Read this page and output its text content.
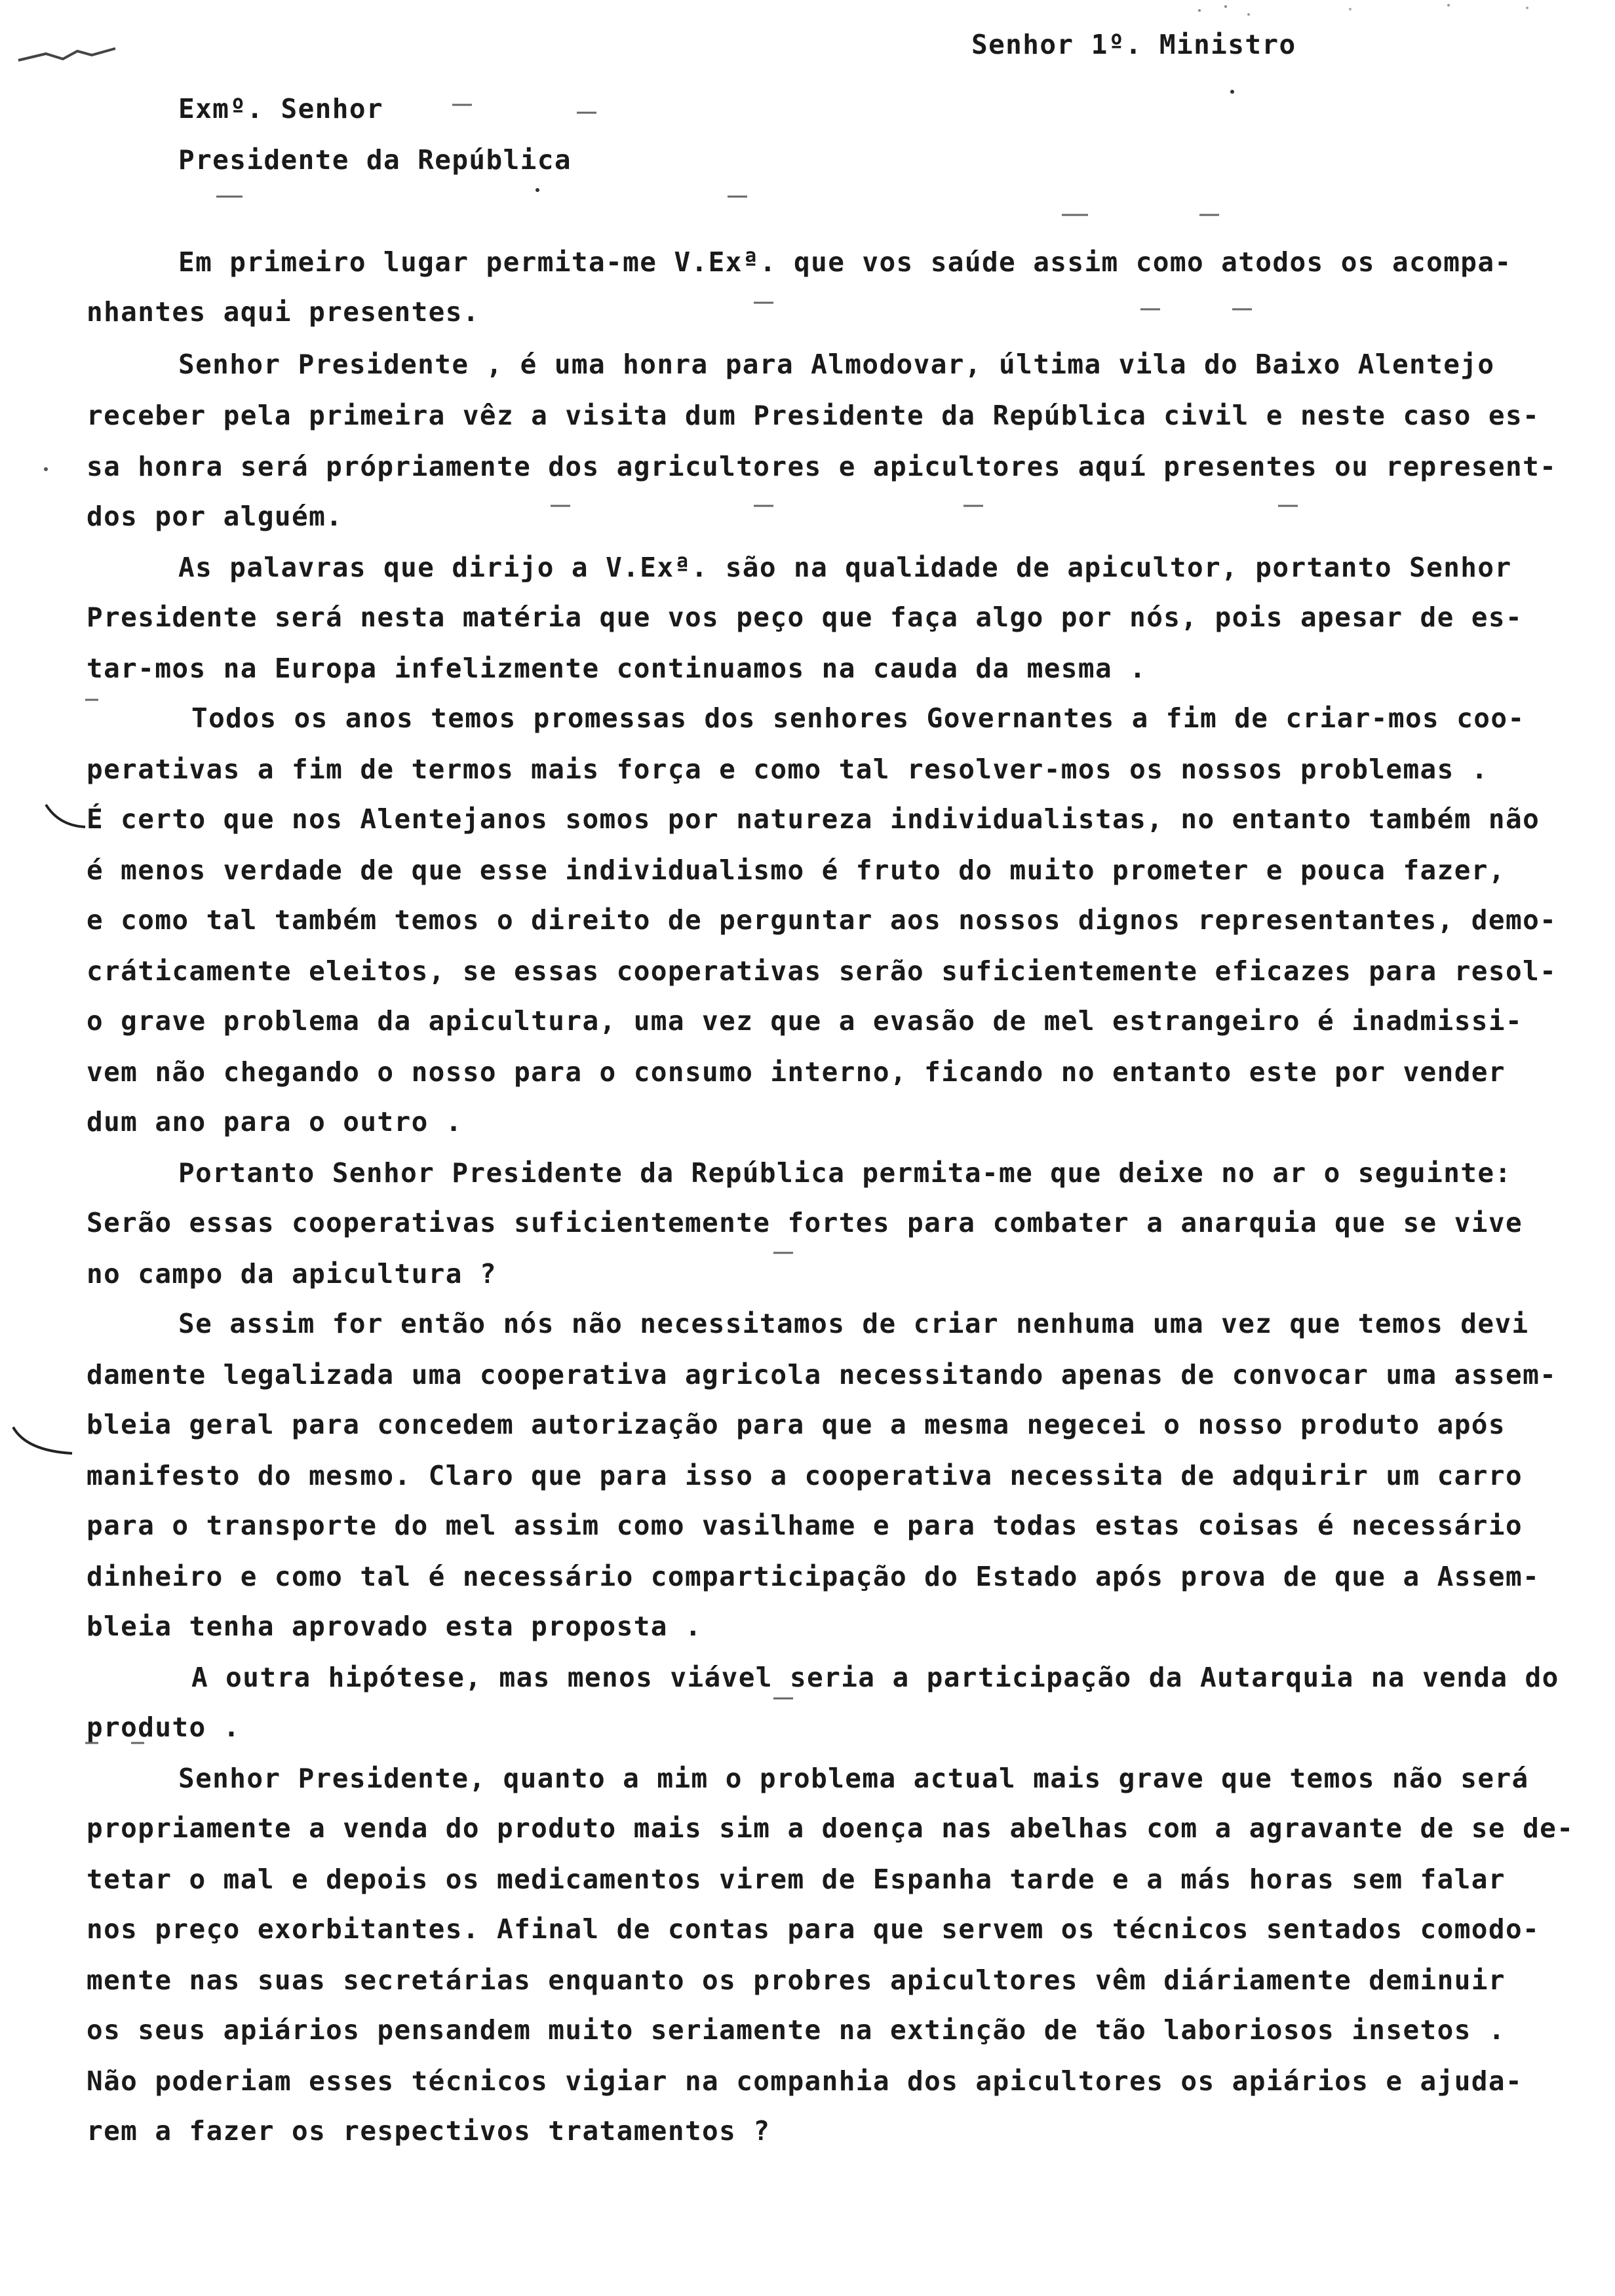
Senhor 1º. Ministro
Exmº. Senhor
Presidente da República
Em primeiro lugar permita-me V.Exª. que vos saúde assim como atodos os acompa-
nhantes aqui presentes.
Senhor Presidente , é uma honra para Almodovar, última vila do Baixo Alentejo
receber pela primeira vêz a visita dum Presidente da República civil e neste caso es-
sa honra será própriamente dos agricultores e apicultores aquí presentes ou represent-
dos por alguém.
As palavras que dirijo a V.Exª. são na qualidade de apicultor, portanto Senhor
Presidente será nesta matéria que vos peço que faça algo por nós, pois apesar de es-
tar-mos na Europa infelizmente continuamos na cauda da mesma .
Todos os anos temos promessas dos senhores Governantes a fim de criar-mos coo-
perativas a fim de termos mais força e como tal resolver-mos os nossos problemas .
É certo que nos Alentejanos somos por natureza individualistas, no entanto também não
é menos verdade de que esse individualismo é fruto do muito prometer e pouca fazer,
e como tal também temos o direito de perguntar aos nossos dignos representantes, demo-
cráticamente eleitos, se essas cooperativas serão suficientemente eficazes para resol-
o grave problema da apicultura, uma vez que a evasão de mel estrangeiro é inadmissi-
vem não chegando o nosso para o consumo interno, ficando no entanto este por vender
dum ano para o outro .
Portanto Senhor Presidente da República permita-me que deixe no ar o seguinte:
Serão essas cooperativas suficientemente fortes para combater a anarquia que se vive
no campo da apicultura ?
Se assim for então nós não necessitamos de criar nenhuma uma vez que temos devi
damente legalizada uma cooperativa agricola necessitando apenas de convocar uma assem-
bleia geral para concedem autorização para que a mesma negecei o nosso produto após
manifesto do mesmo. Claro que para isso a cooperativa necessita de adquirir um carro
para o transporte do mel assim como vasilhame e para todas estas coisas é necessário
dinheiro e como tal é necessário comparticipação do Estado após prova de que a Assem-
bleia tenha aprovado esta proposta .
A outra hipótese, mas menos viável seria a participação da Autarquia na venda do
produto .
Senhor Presidente, quanto a mim o problema actual mais grave que temos não será
propriamente a venda do produto mais sim a doença nas abelhas com a agravante de se de-
tetar o mal e depois os medicamentos virem de Espanha tarde e a más horas sem falar
nos preço exorbitantes. Afinal de contas para que servem os técnicos sentados comodo-
mente nas suas secretárias enquanto os probres apicultores vêm diáriamente deminuir
os seus apiários pensandem muito seriamente na extinção de tão laboriosos insetos .
Não poderiam esses técnicos vigiar na companhia dos apicultores os apiários e ajuda-
rem a fazer os respectivos tratamentos ?
